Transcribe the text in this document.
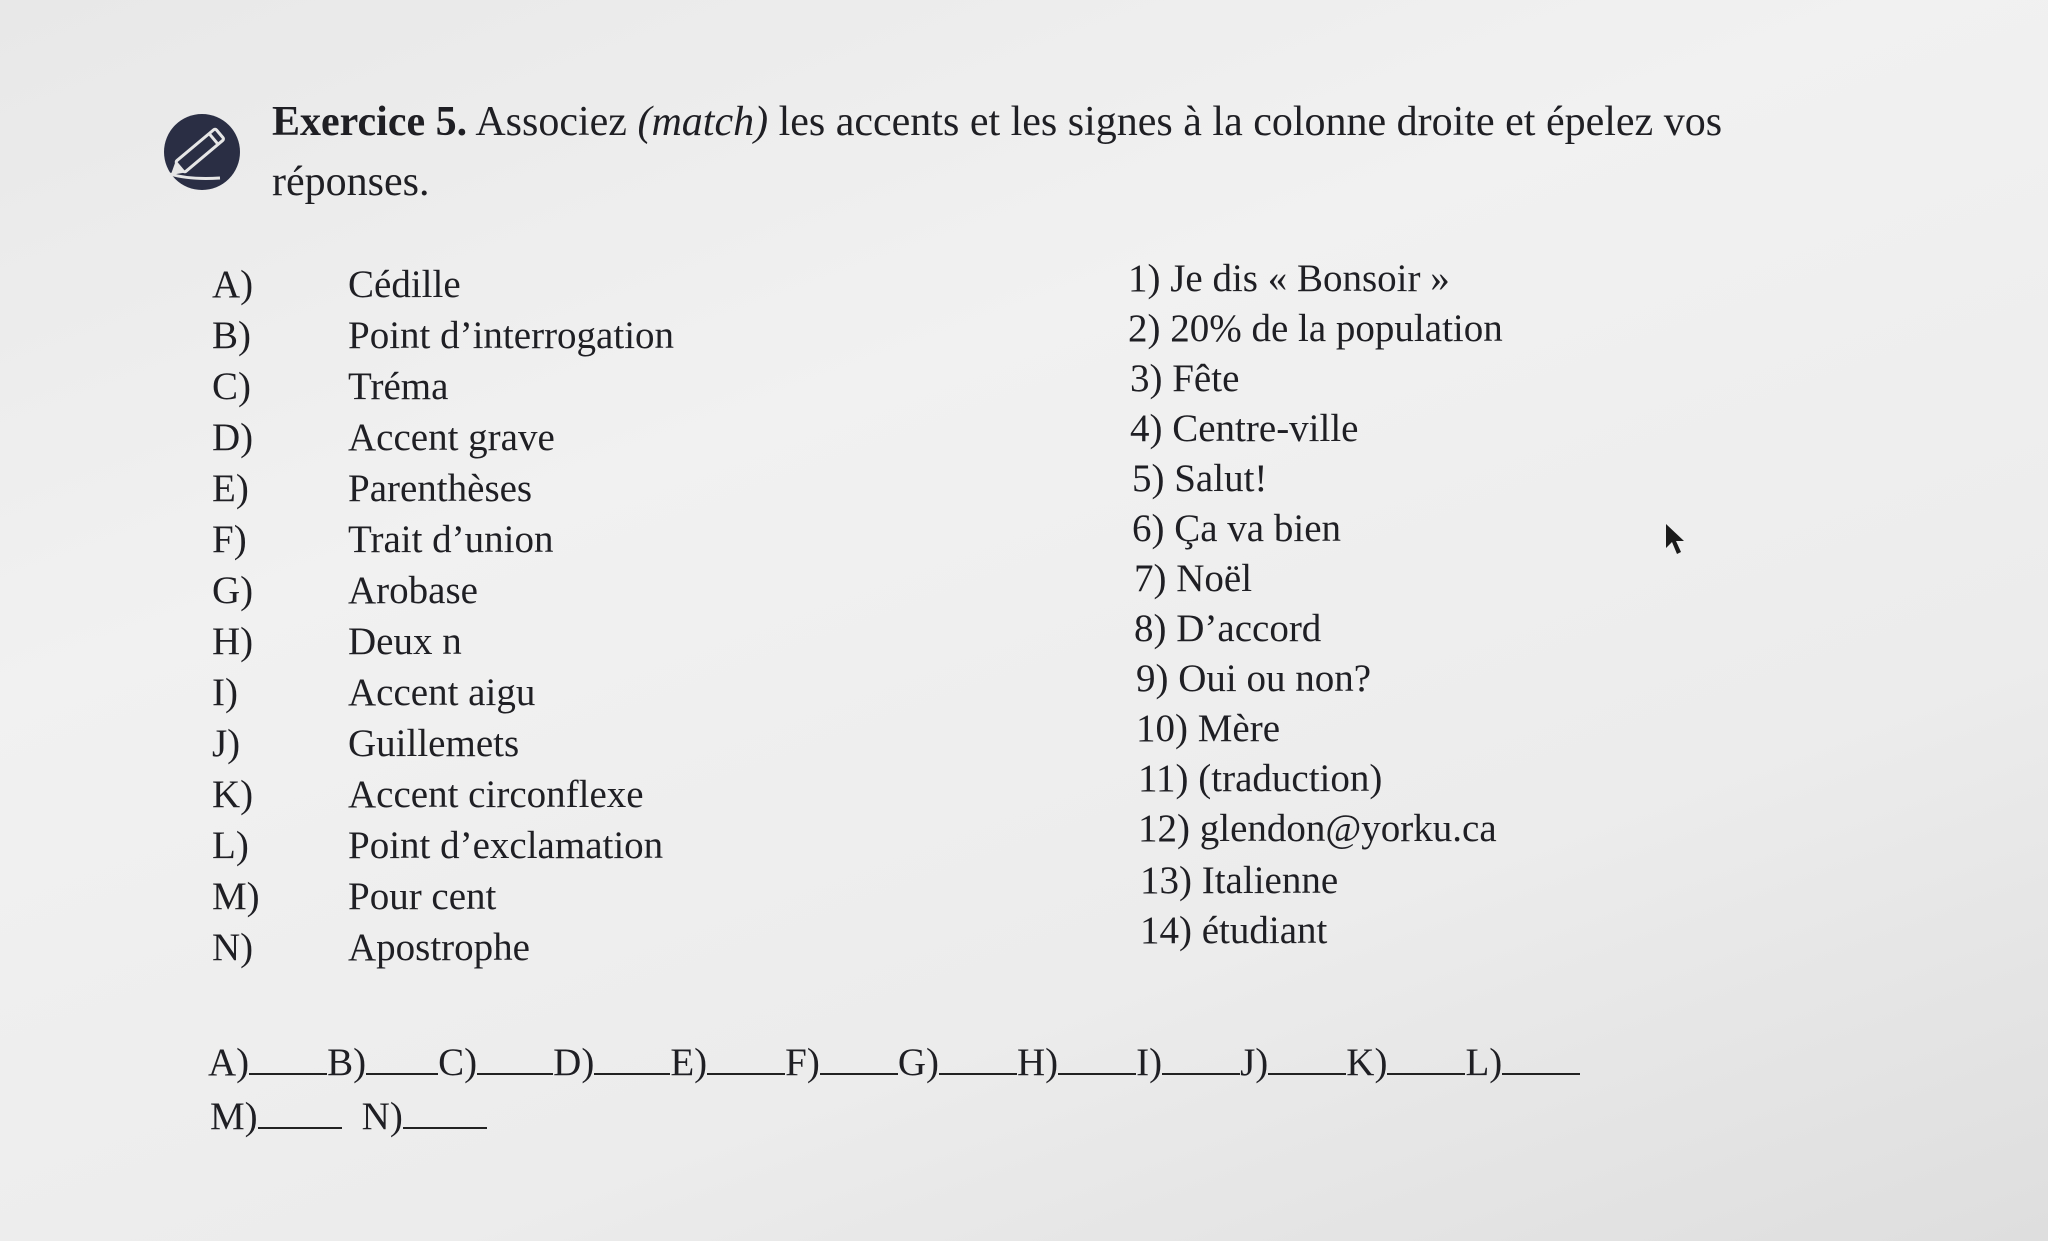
Exercice 5. Associez (match) les accents et les signes à la colonne droite et épelez vos
réponses.
A) Cédille
B) Point d’interrogation
C) Tréma
D) Accent grave
E)	Parenthèses
F)	Trait d’union
G) Arobase
H) Deux n
I)	Accent aigu
J)	Guillemets
K) Accent circonflexe
L)	Point d’exclamation
M) Pour cent
N) Apostrophe
1) Je dis « Bonsoir »
2) 20% de la population
3) Fête
4) Centre-ville
5) Salut!
6) Ça va bien
7) Noël
8) D’accord
9) Oui ou non?
10) Mère
11) (traduction)
12) glendon@yorku.ca
13) Italienne
14) étudiant
A) B) C) D) E) F) G) H) I) J) K) L)
M)	N)
